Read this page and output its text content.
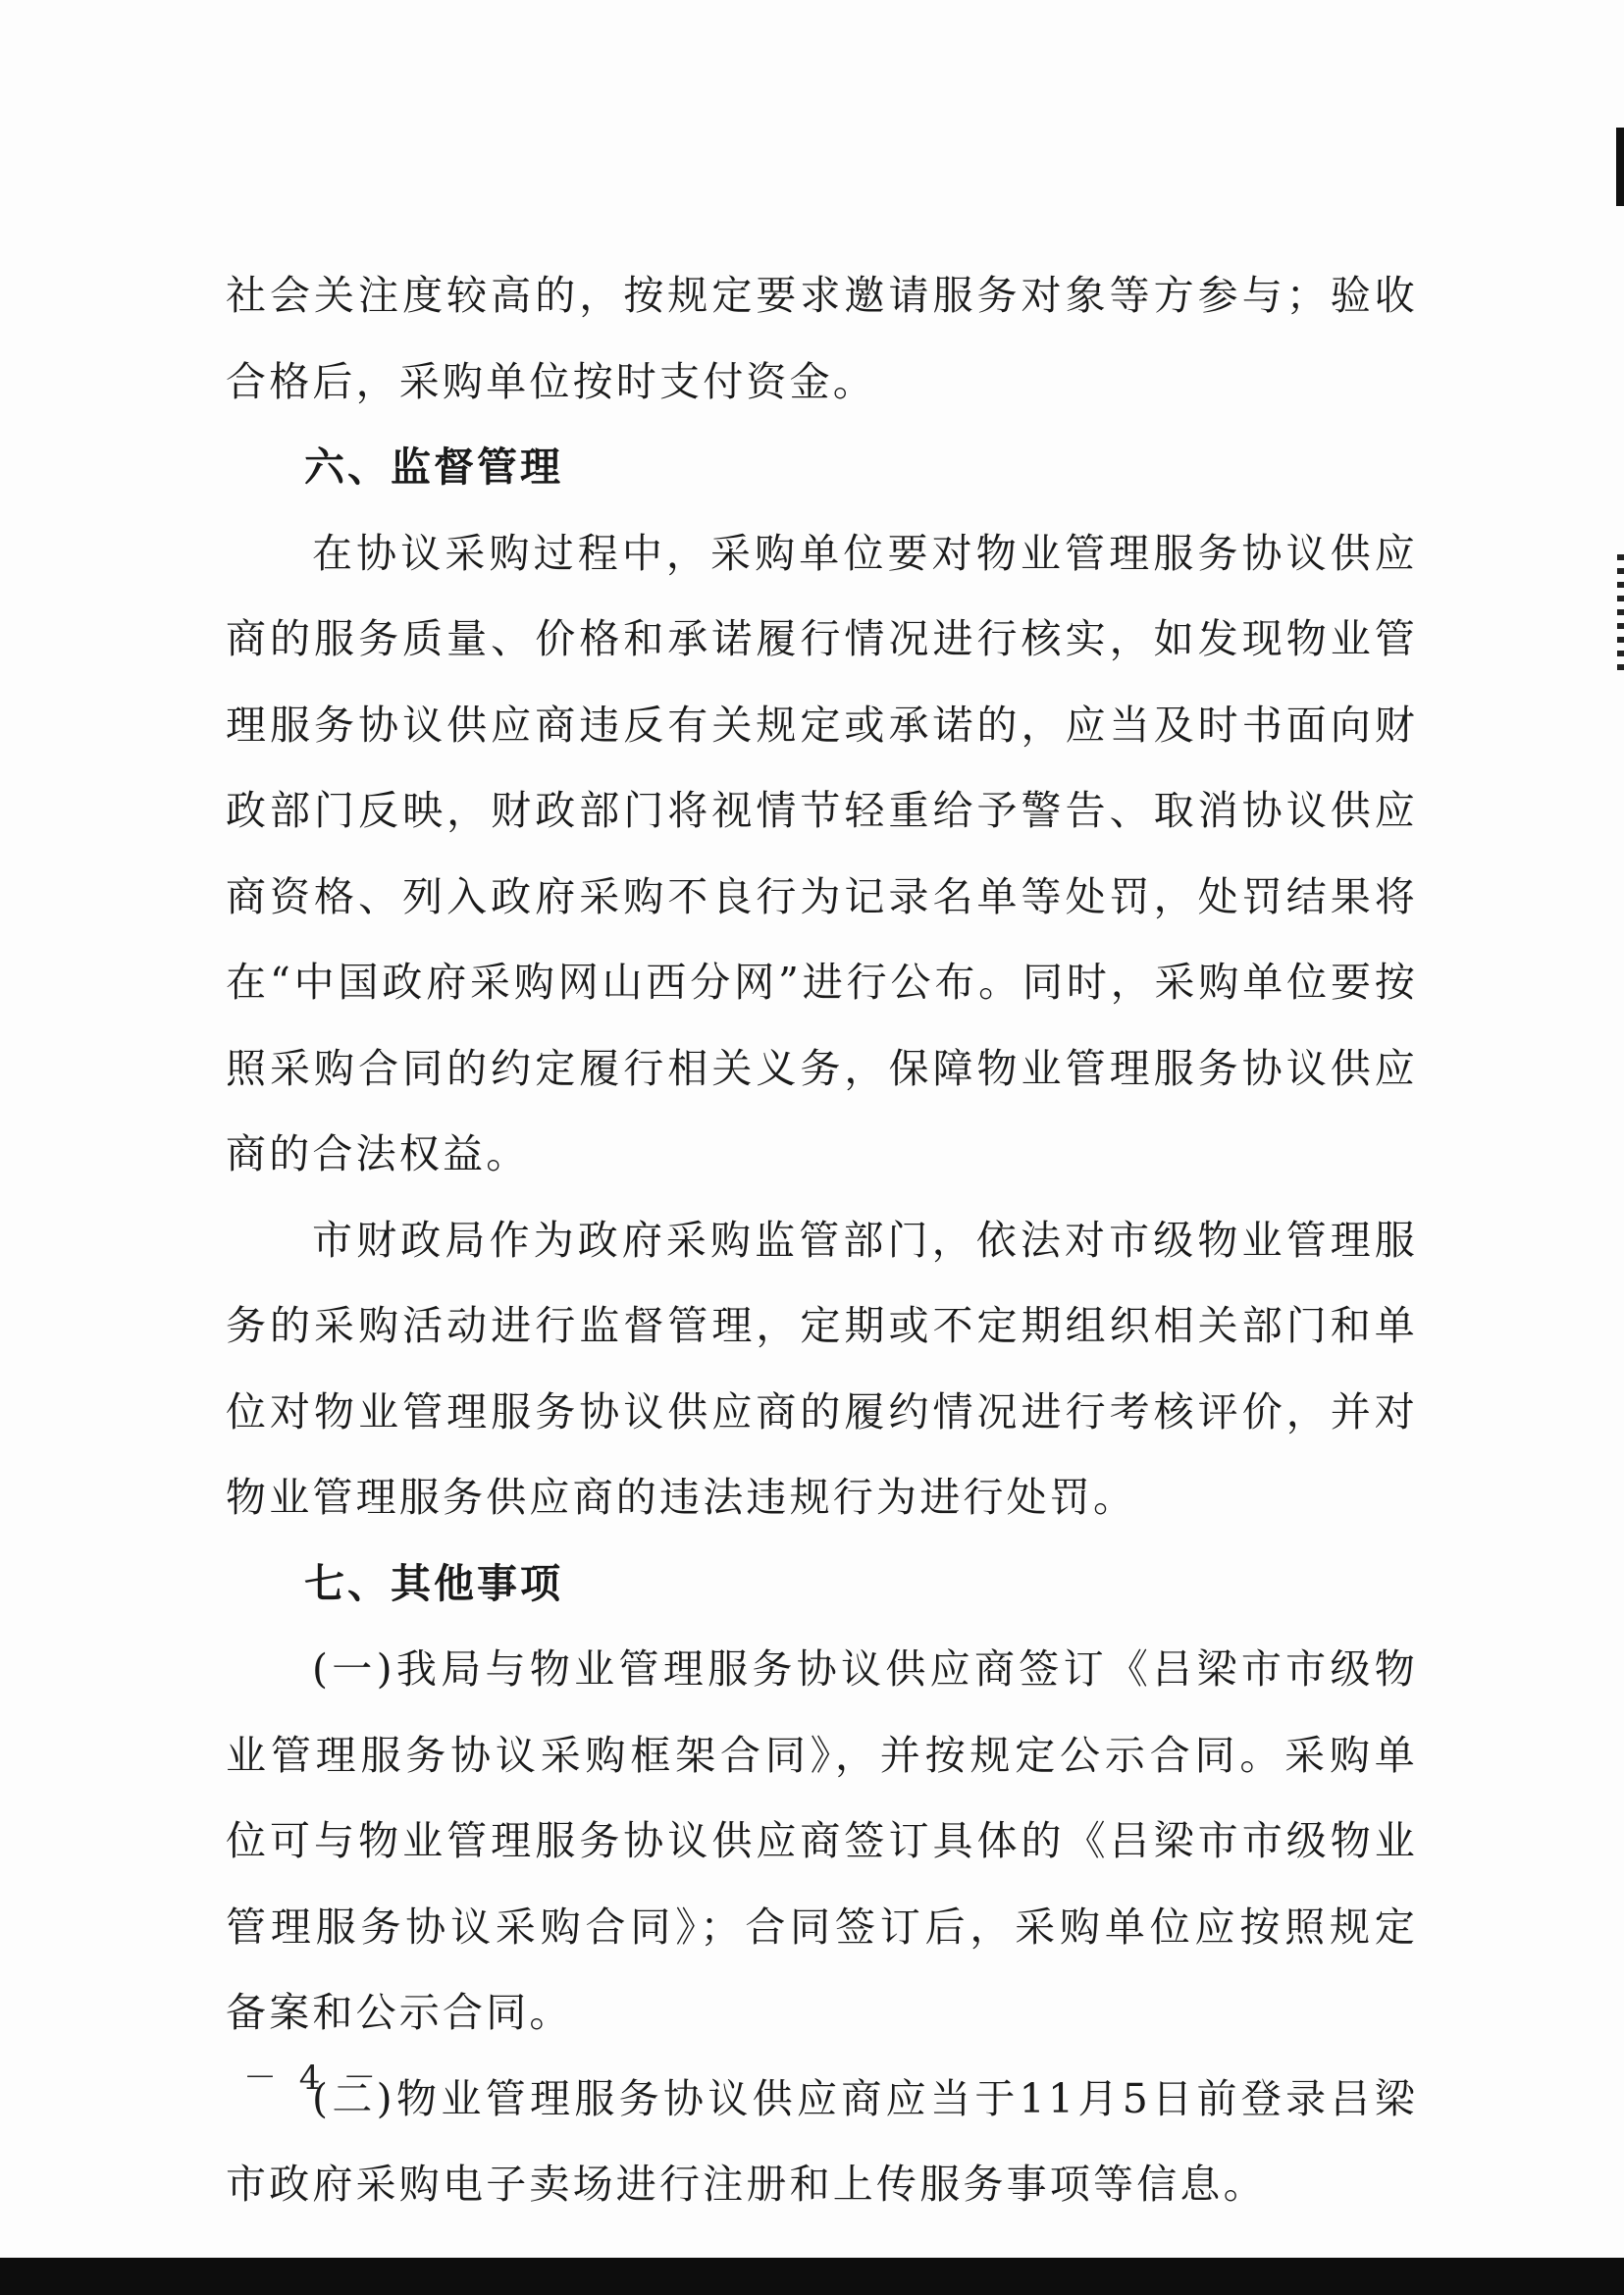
社会关注度较高的，按规定要求邀请服务对象等方参与；验收合格后，采购单位按时支付资金。

六、监督管理

在协议采购过程中，采购单位要对物业管理服务协议供应商的服务质量、价格和承诺履行情况进行核实，如发现物业管理服务协议供应商违反有关规定或承诺的，应当及时书面向财政部门反映，财政部门将视情节轻重给予警告、取消协议供应商资格、列入政府采购不良行为记录名单等处罚，处罚结果将在“中国政府采购网山西分网”进行公布。同时，采购单位要按照采购合同的约定履行相关义务，保障物业管理服务协议供应商的合法权益。

市财政局作为政府采购监管部门，依法对市级物业管理服务的采购活动进行监督管理，定期或不定期组织相关部门和单位对物业管理服务协议供应商的履约情况进行考核评价，并对物业管理服务供应商的违法违规行为进行处罚。

七、其他事项

(一)我局与物业管理服务协议供应商签订《吕梁市市级物业管理服务协议采购框架合同》，并按规定公示合同。采购单位可与物业管理服务协议供应商签订具体的《吕梁市市级物业管理服务协议采购合同》；合同签订后，采购单位应按照规定备案和公示合同。

(二)物业管理服务协议供应商应当于11月5日前登录吕梁市政府采购电子卖场进行注册和上传服务事项等信息。

－ 4 －
